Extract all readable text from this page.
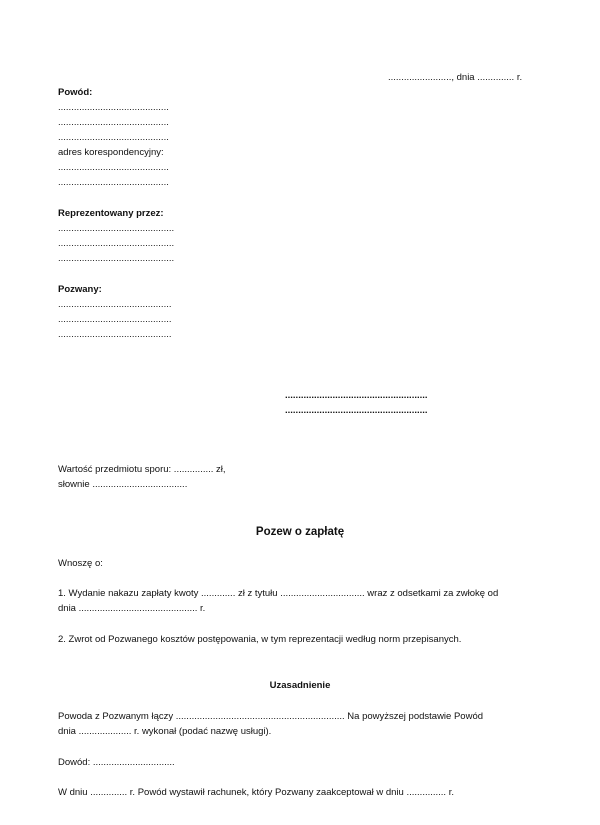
........................, dnia .............. r.
Powód:
..........................................
..........................................
..........................................
adres korespondencyjny:
..........................................
..........................................
Reprezentowany przez:
............................................
............................................
............................................
Pozwany:
...........................................
...........................................
...........................................
......................................................
......................................................
Wartość przedmiotu sporu: ............... zł,
słownie ....................................
Pozew o zapłatę
Wnoszę o:
1. Wydanie nakazu zapłaty kwoty ............. zł z tytułu ................................ wraz z odsetkami za zwłokę od
dnia ............................................. r.
2. Zwrot od Pozwanego kosztów postępowania, w tym reprezentacji według norm przepisanych.
Uzasadnienie
Powoda z Pozwanym łączy ................................................................ Na powyższej podstawie Powód
dnia .................... r. wykonał (podać nazwę usługi).
Dowód: ...............................
W dniu .............. r. Powód wystawił rachunek, który Pozwany zaakceptował w dniu ............... r.
